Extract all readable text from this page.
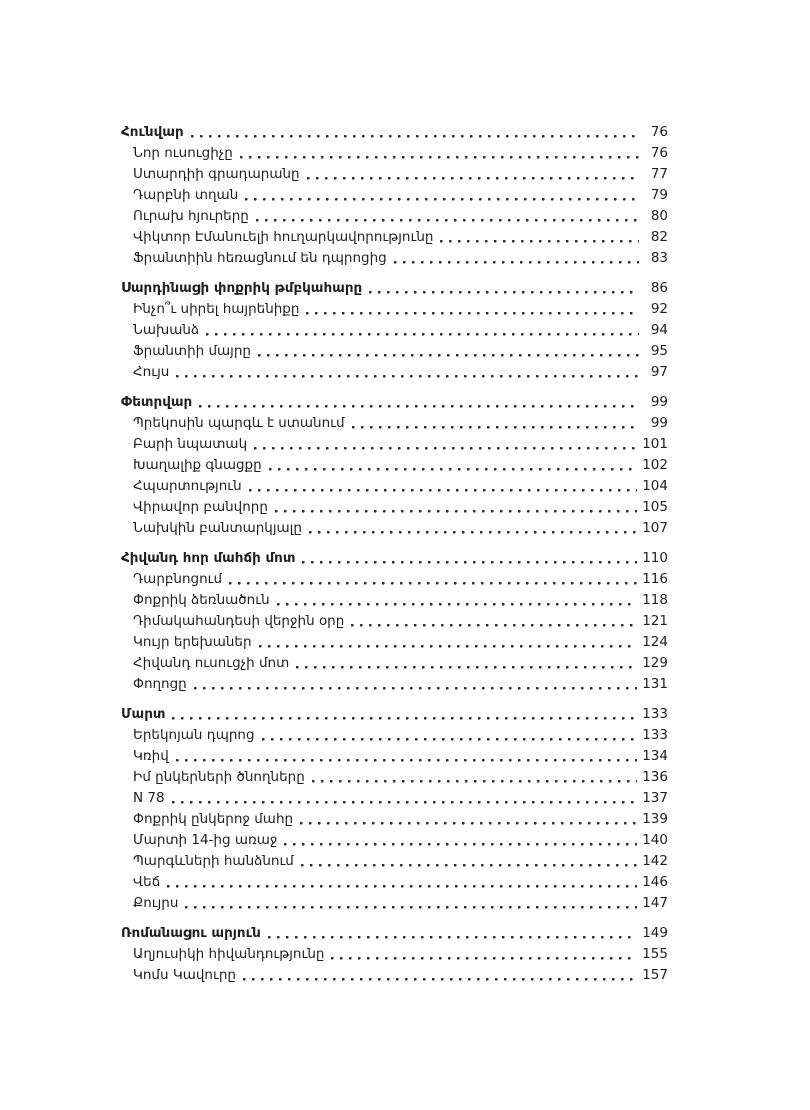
Հունվար	76
Նոր ուսուցիչը	76
Ստարդիի գրադարանը	77
Դարբնի տղան	79
Ուրախ հյուրերը	80
Վիկտոր Էմանուելի հուղարկավորությունը	82
Ֆրանտիին հեռացնում են դպրոցից	83
Սարդինացի փոքրիկ թմբկահարը	86
Ինչո՞ւ սիրել հայրենիքը	92
Նախանձ	94
Ֆրանտիի մայրը	95
Հույս	97
Փետրվար	99
Պրեկոսին պարգև է ստանում	99
Բարի նպատակ	101
Խաղալիք գնացքը	102
Հպարտություն	104
Վիրավոր բանվորը	105
Նախկին բանտարկյալը	107
Հիվանդ հոր մահճի մոտ	110
Դարբնոցում	116
Փոքրիկ ձեռնածուն	118
Դիմակահանդեսի վերջին օրը	121
Կույր երեխաներ	124
Հիվանդ ուսուցչի մոտ	129
Փողոցը	131
Մարտ	133
Երեկոյան դպրոց	133
Կռիվ	134
Իմ ընկերների ծնողները	136
N 78	137
Փոքրիկ ընկերոջ մահը	139
Մարտի 14-ից առաջ	140
Պարգևների հանձնում	142
Վեճ	146
Քույրս	147
Ռոմանացու արյուն	149
Աղյուսիկի հիվանդությունը	155
Կոմս Կավուրը	157
